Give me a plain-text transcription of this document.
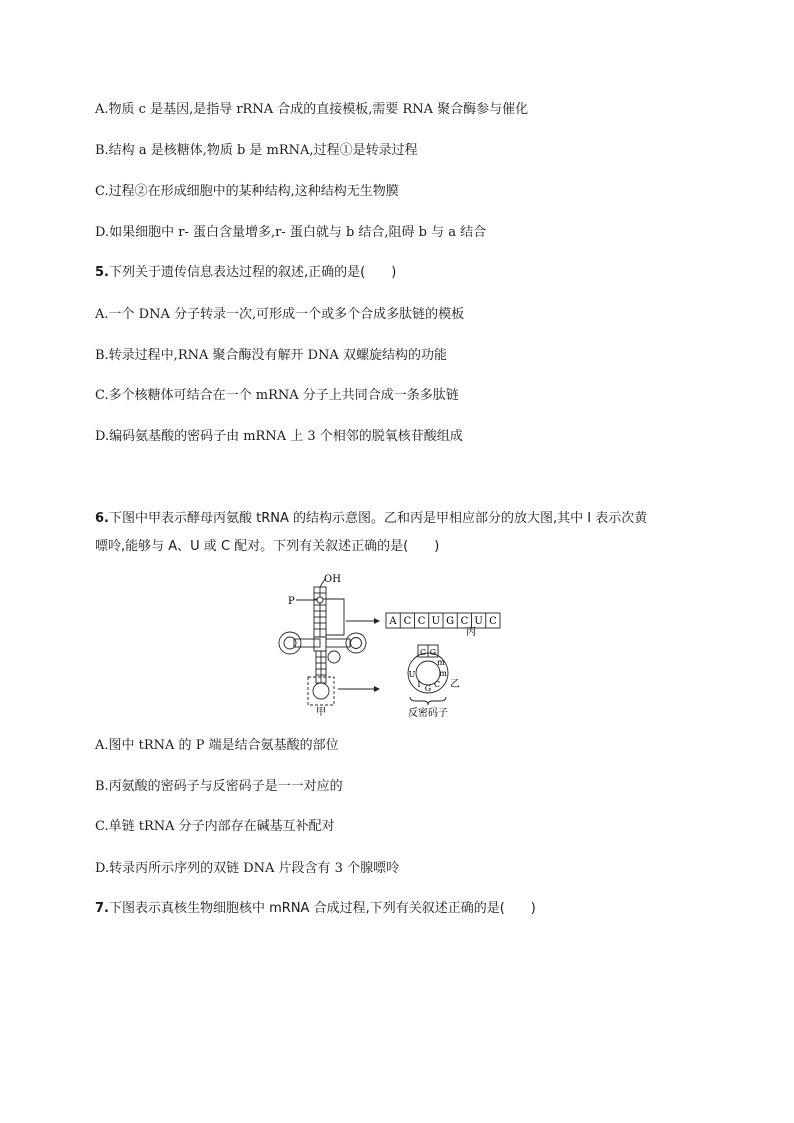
A.物质 c 是基因,是指导 rRNA 合成的直接模板,需要 RNA 聚合酶参与催化
B.结构 a 是核糖体,物质 b 是 mRNA,过程①是转录过程
C.过程②在形成细胞中的某种结构,这种结构无生物膜
D.如果细胞中 r- 蛋白含量增多,r- 蛋白就与 b 结合,阻碍 b 与 a 结合
5.下列关于遗传信息表达过程的叙述,正确的是(　　)
A.一个 DNA 分子转录一次,可形成一个或多个合成多肽链的模板
B.转录过程中,RNA 聚合酶没有解开 DNA 双螺旋结构的功能
C.多个核糖体可结合在一个 mRNA 分子上共同合成一条多肽链
D.编码氨基酸的密码子由 mRNA 上 3 个相邻的脱氧核苷酸组成
6.下图中甲表示酵母丙氨酸 tRNA 的结构示意图。乙和丙是甲相应部分的放大图,其中 I 表示次黄
嘌呤,能够与 A、U 或 C 配对。下列有关叙述正确的是(　　)
OH
P
甲
丙
乙
反密码子
A C C U G C U C
C G
U
I G C
m
m
A.图中 tRNA 的 P 端是结合氨基酸的部位
B.丙氨酸的密码子与反密码子是一一对应的
C.单链 tRNA 分子内部存在碱基互补配对
D.转录丙所示序列的双链 DNA 片段含有 3 个腺嘌呤
7.下图表示真核生物细胞核中 mRNA 合成过程,下列有关叙述正确的是(　　)
